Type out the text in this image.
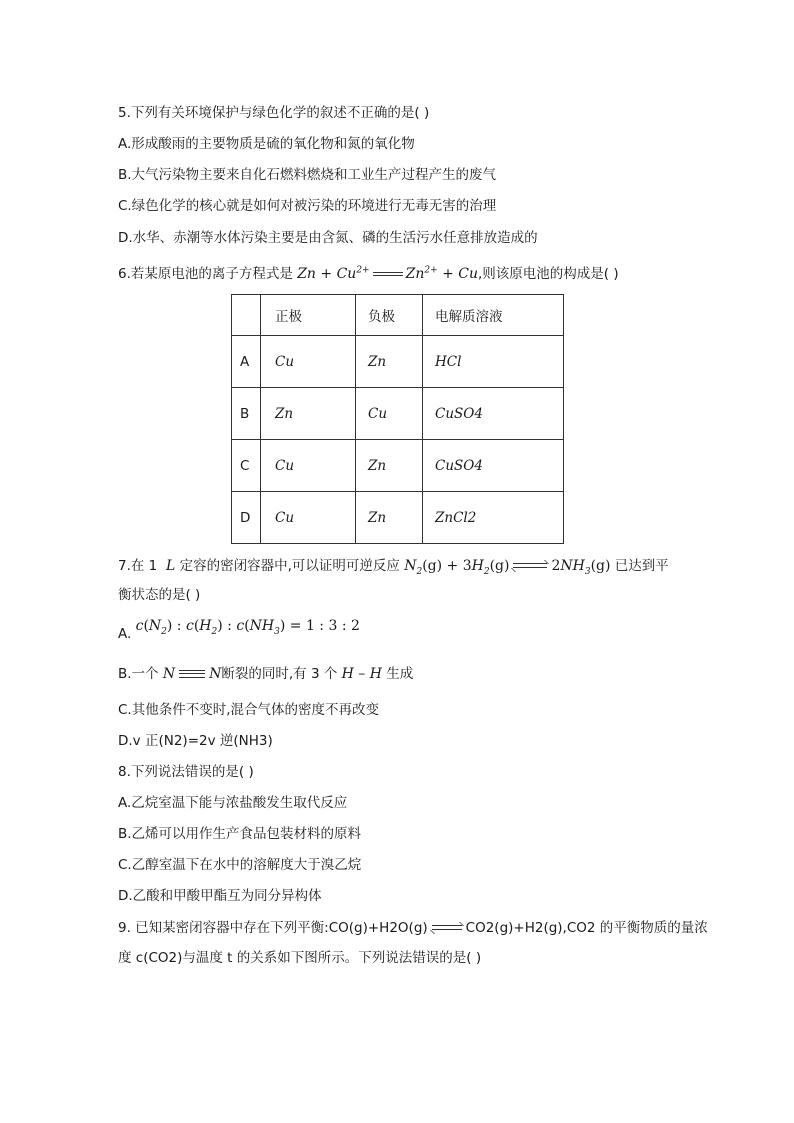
5.下列有关环境保护与绿色化学的叙述不正确的是( )
A.形成酸雨的主要物质是硫的氧化物和氮的氧化物
B.大气污染物主要来自化石燃料燃烧和工业生产过程产生的废气
C.绿色化学的核心就是如何对被污染的环境进行无毒无害的治理
D.水华、赤潮等水体污染主要是由含氮、磷的生活污水任意排放造成的
6.若某原电池的离子方程式是 $Zn + Cu^{2+}$	$Zn^{2+} + Cu$,则该原电池的构成是( )
	正极	负极	电解质溶液
A	Cu	Zn	HCl
B	Zn	Cu	CuSO4
C	Cu	Zn	CuSO4
D	Cu	Zn	ZnCl2
7.在 1  L 定容的密闭容器中,可以证明可逆反应 $N_2(g) + 3H_2(g)$	$2NH_3(g)$ 已达到平
衡状态的是( )
A. $c(N_2)$ : $c(H_2)$ : $c(NH_3) = 1$ : 3 : 2
B.一个 N N断裂的同时,有 3 个 H – H 生成
C.其他条件不变时,混合气体的密度不再改变
D.v 正(N2)=2v 逆(NH3)
8.下列说法错误的是( )
A.乙烷室温下能与浓盐酸发生取代反应
B.乙烯可以用作生产食品包装材料的原料
C.乙醇室温下在水中的溶解度大于溴乙烷
D.乙酸和甲酸甲酯互为同分异构体
9. 已知某密闭容器中存在下列平衡:CO(g)+H2O(g)	CO2(g)+H2(g),CO2 的平衡物质的量浓
度 c(CO2)与温度 t 的关系如下图所示。下列说法错误的是( )
